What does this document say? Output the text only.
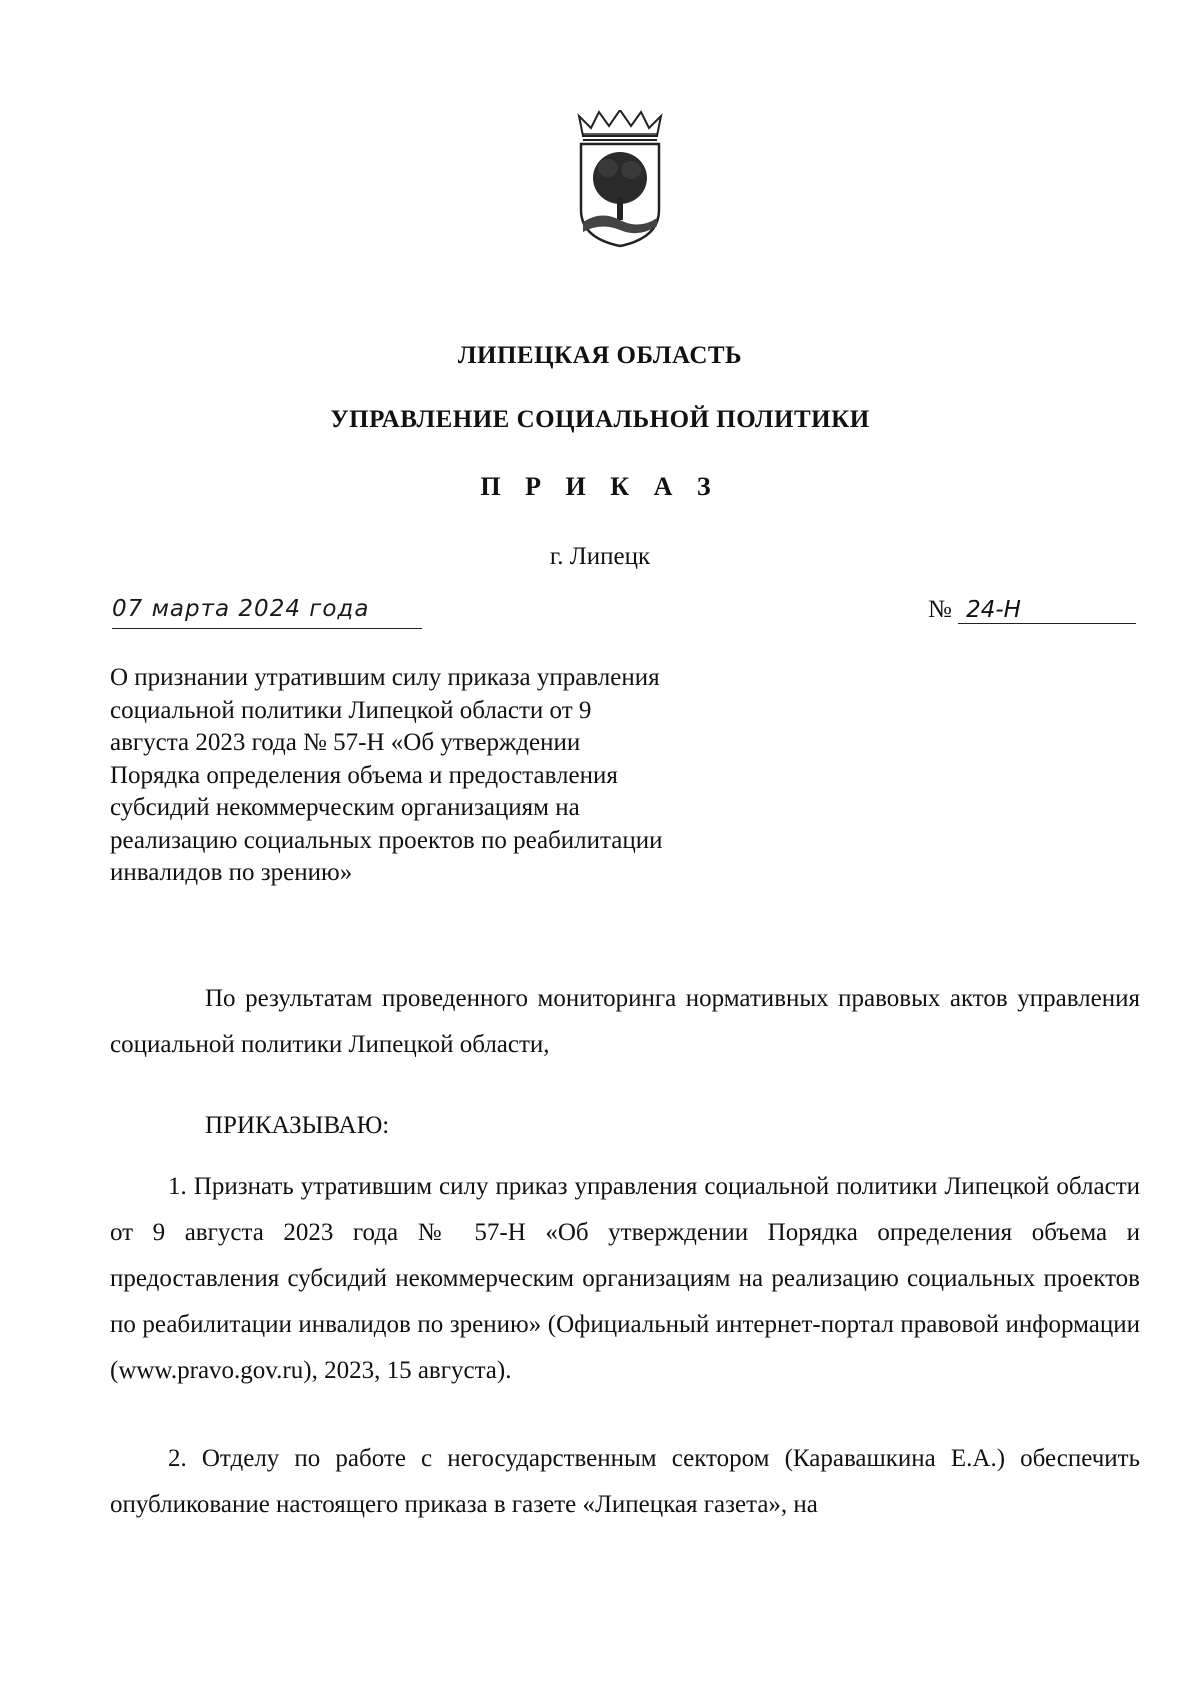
ЛИПЕЦКАЯ ОБЛАСТЬ
УПРАВЛЕНИЕ СОЦИАЛЬНОЙ ПОЛИТИКИ
П Р И К А З
г. Липецк
07 марта 2024 года	№ 24-Н
О признании утратившим силу приказа управления социальной политики Липецкой области от 9 августа 2023 года № 57-Н «Об утверждении Порядка определения объема и предоставления субсидий некоммерческим организациям на реализацию социальных проектов по реабилитации инвалидов по зрению»
По результатам проведенного мониторинга нормативных правовых актов управления социальной политики Липецкой области,
ПРИКАЗЫВАЮ:
1. Признать утратившим силу приказ управления социальной политики Липецкой области от 9 августа 2023 года № 57-Н «Об утверждении Порядка определения объема и предоставления субсидий некоммерческим организациям на реализацию социальных проектов по реабилитации инвалидов по зрению» (Официальный интернет-портал правовой информации (www.pravo.gov.ru), 2023, 15 августа).
2. Отделу по работе с негосударственным сектором (Каравашкина Е.А.) обеспечить опубликование настоящего приказа в газете «Липецкая газета», на
